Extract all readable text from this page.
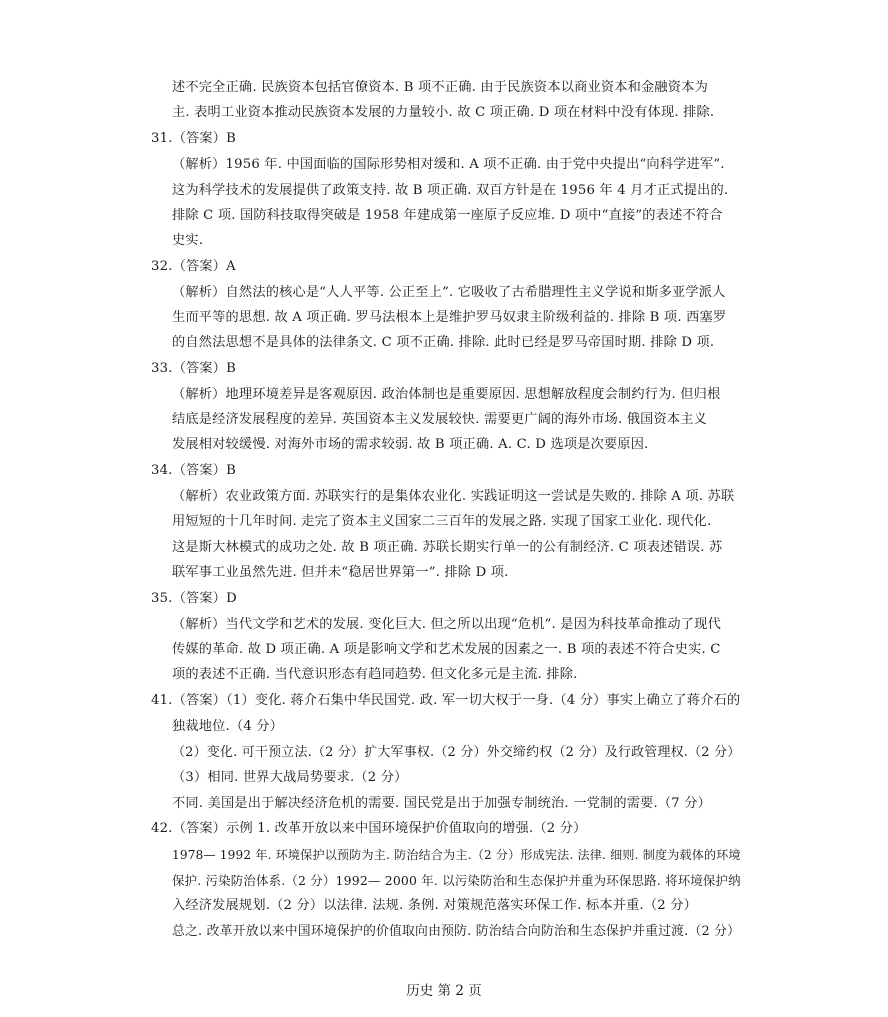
述不完全正确. 民族资本包括官僚资本. B 项不正确. 由于民族资本以商业资本和金融资本为
主. 表明工业资本推动民族资本发展的力量较小. 故 C 项正确. D 项在材料中没有体现. 排除.
31.（答案）B
（解析）1956 年. 中国面临的国际形势相对缓和. A 项不正确. 由于党中央提出“向科学进军”.
这为科学技术的发展提供了政策支持. 故 B 项正确. 双百方针是在 1956 年 4 月才正式提出的.
排除 C 项. 国防科技取得突破是 1958 年建成第一座原子反应堆. D 项中“直接”的表述不符合
史实.
32.（答案）A
（解析）自然法的核心是“人人平等. 公正至上”. 它吸收了古希腊理性主义学说和斯多亚学派人
生而平等的思想. 故 A 项正确. 罗马法根本上是维护罗马奴隶主阶级利益的. 排除 B 项. 西塞罗
的自然法思想不是具体的法律条文. C 项不正确. 排除. 此时已经是罗马帝国时期. 排除 D 项.
33.（答案）B
（解析）地理环境差异是客观原因. 政治体制也是重要原因. 思想解放程度会制约行为. 但归根
结底是经济发展程度的差异. 英国资本主义发展较快. 需要更广阔的海外市场. 俄国资本主义
发展相对较缓慢. 对海外市场的需求较弱. 故 B 项正确. A. C. D 选项是次要原因.
34.（答案）B
（解析）农业政策方面. 苏联实行的是集体农业化. 实践证明这一尝试是失败的. 排除 A 项. 苏联
用短短的十几年时间. 走完了资本主义国家二三百年的发展之路. 实现了国家工业化. 现代化.
这是斯大林模式的成功之处. 故 B 项正确. 苏联长期实行单一的公有制经济. C 项表述错误. 苏
联军事工业虽然先进. 但并未“稳居世界第一”. 排除 D 项.
35.（答案）D
（解析）当代文学和艺术的发展. 变化巨大. 但之所以出现“危机”. 是因为科技革命推动了现代
传媒的革命. 故 D 项正确. A 项是影响文学和艺术发展的因素之一. B 项的表述不符合史实. C
项的表述不正确. 当代意识形态有趋同趋势. 但文化多元是主流. 排除.
41.（答案）（1）变化. 蒋介石集中华民国党. 政. 军一切大权于一身.（4 分）事实上确立了蒋介石的
独裁地位.（4 分）
（2）变化. 可干预立法.（2 分）扩大军事权.（2 分）外交缔约权（2 分）及行政管理权.（2 分）
（3）相同. 世界大战局势要求.（2 分）
不同. 美国是出于解决经济危机的需要. 国民党是出于加强专制统治. 一党制的需要.（7 分）
42.（答案）示例 1. 改革开放以来中国环境保护价值取向的增强.（2 分）
1978— 1992 年. 环境保护以预防为主. 防治结合为主.（2 分）形成宪法. 法律. 细则. 制度为载体的环境
保护. 污染防治体系.（2 分）1992— 2000 年. 以污染防治和生态保护并重为环保思路. 将环境保护纳
入经济发展规划.（2 分）以法律. 法规. 条例. 对策规范落实环保工作. 标本并重.（2 分）
总之. 改革开放以来中国环境保护的价值取向由预防. 防治结合向防治和生态保护并重过渡.（2 分）
历史 第 2 页
